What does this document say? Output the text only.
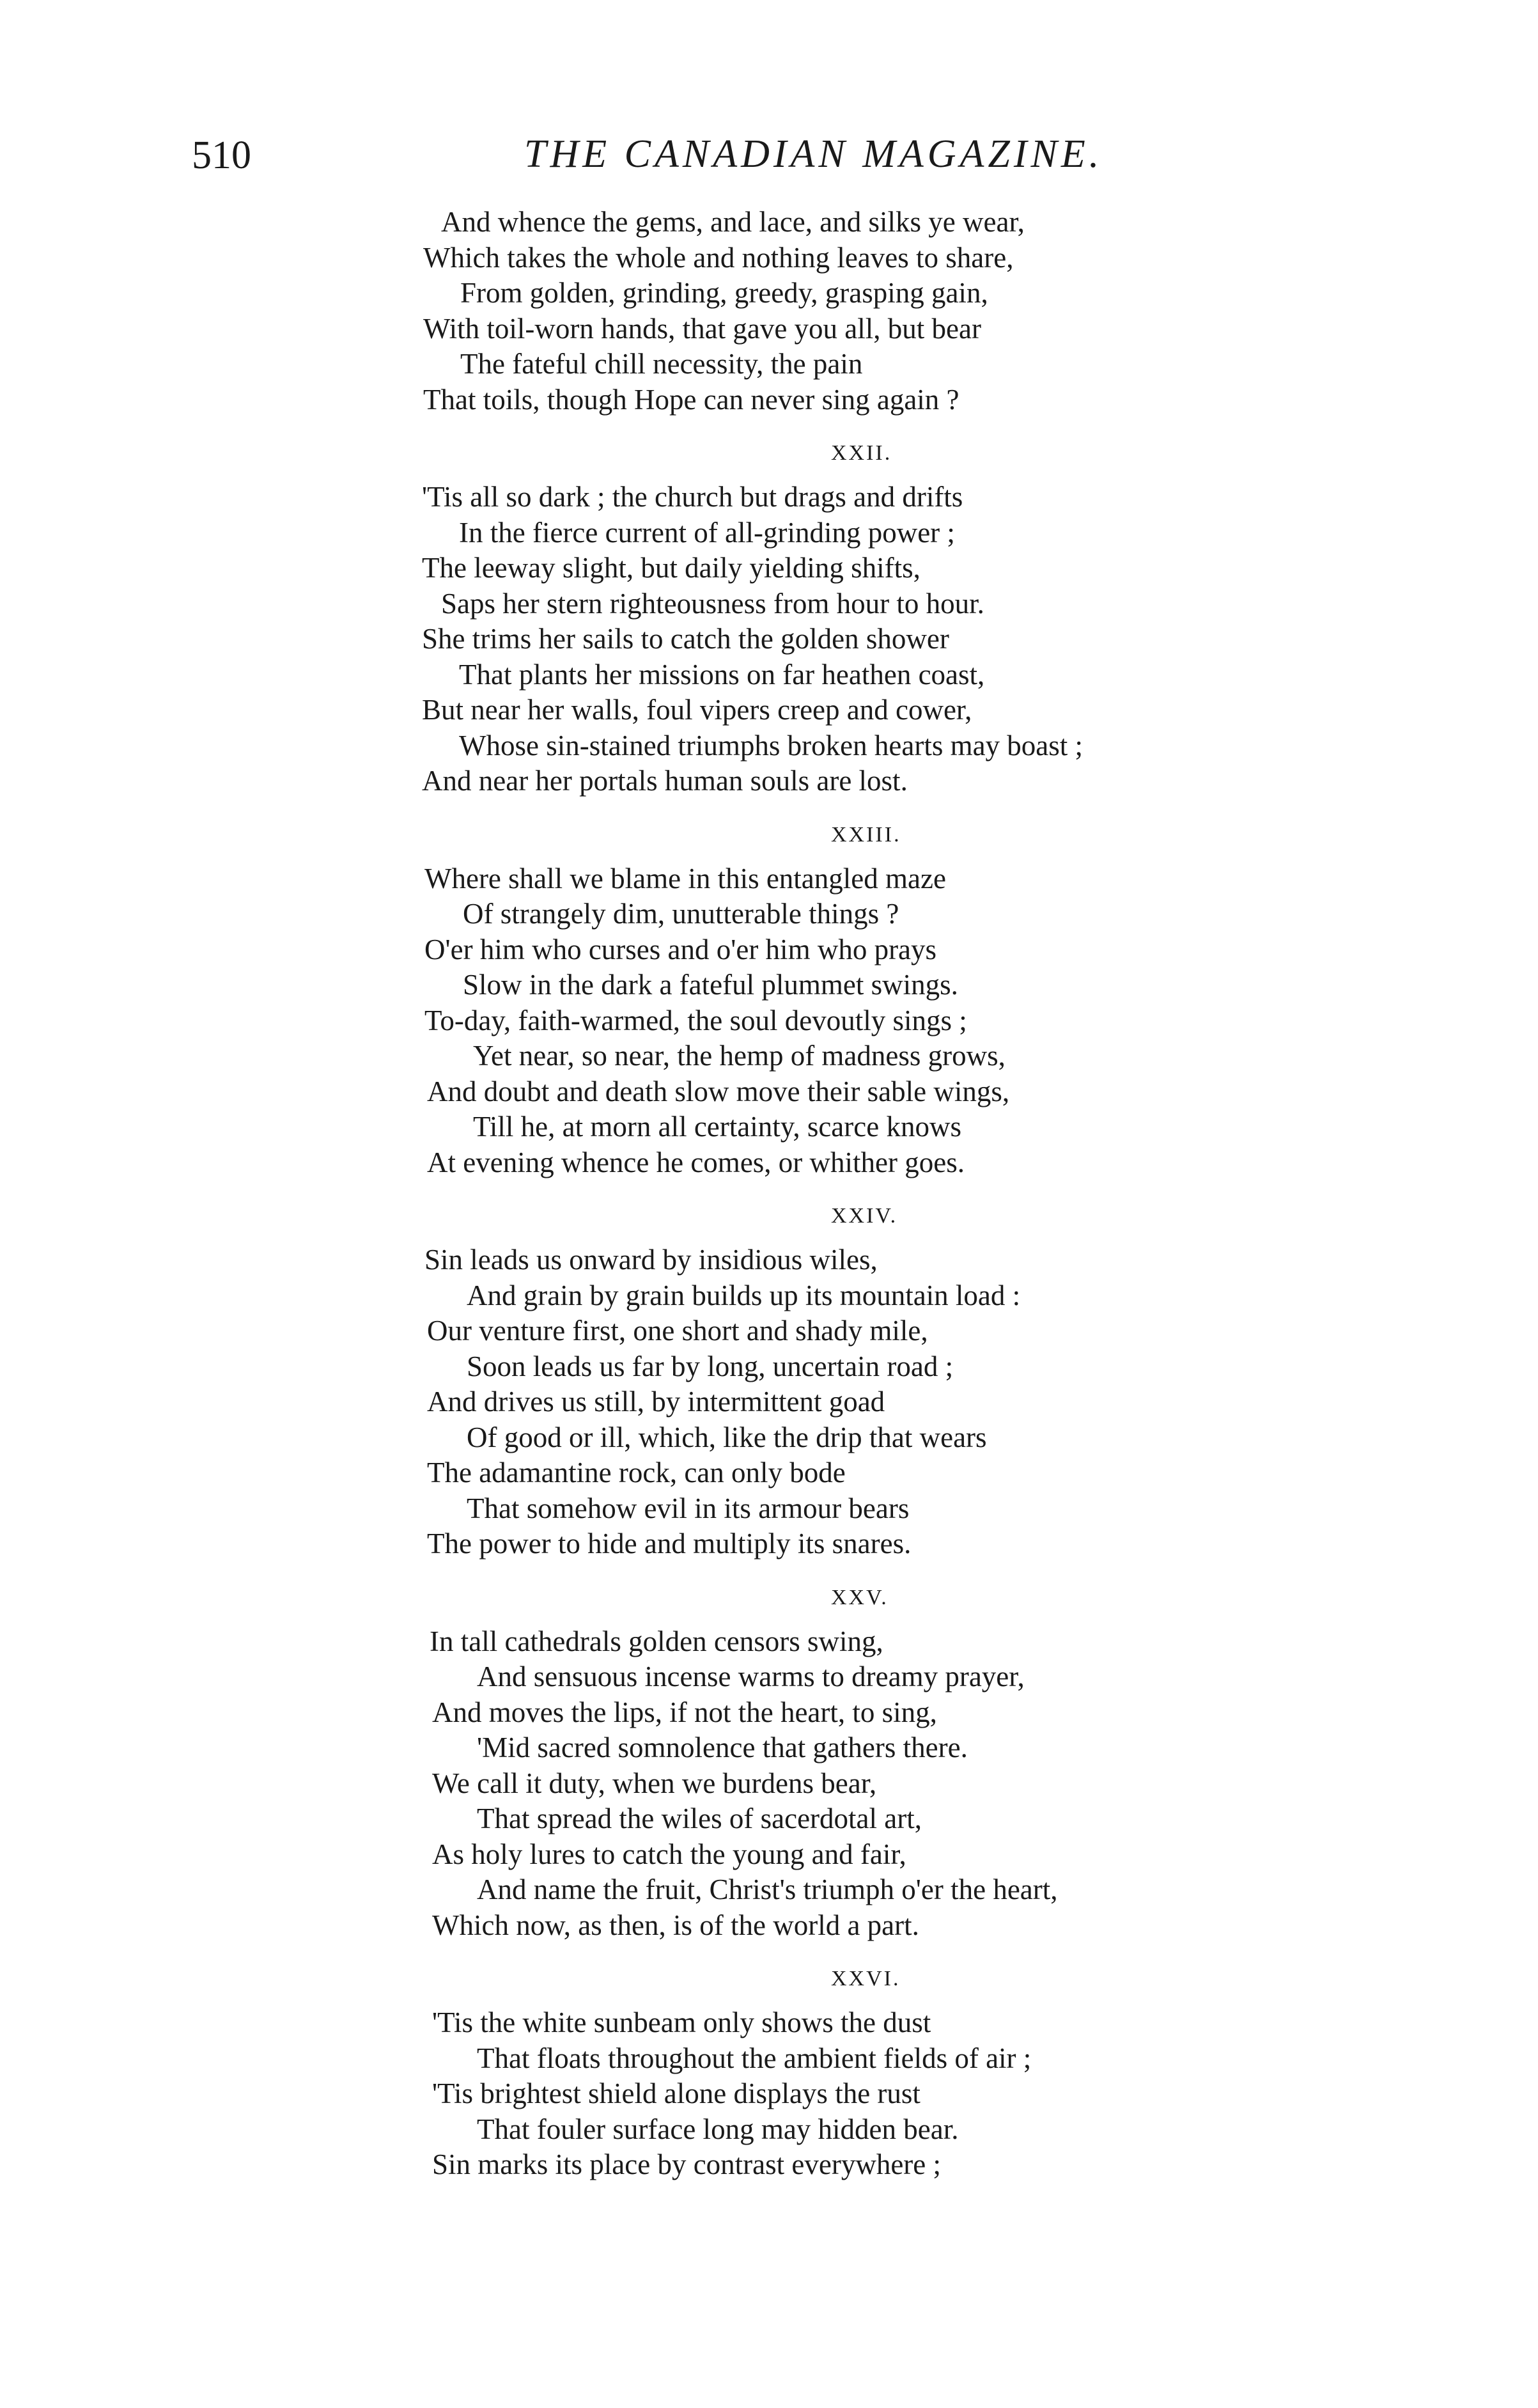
510	THE CANADIAN MAGAZINE.
And whence the gems, and lace, and silks ye wear,
Which takes the whole and nothing leaves to share,
From golden, grinding, greedy, grasping gain,
With toil-worn hands, that gave you all, but bear
The fateful chill necessity, the pain
That toils, though Hope can never sing again ?
XXII.
'Tis all so dark ; the church but drags and drifts
In the fierce current of all-grinding power ;
The leeway slight, but daily yielding shifts,
Saps her stern righteousness from hour to hour.
She trims her sails to catch the golden shower
That plants her missions on far heathen coast,
But near her walls, foul vipers creep and cower,
Whose sin-stained triumphs broken hearts may boast ;
And near her portals human souls are lost.
XXIII.
Where shall we blame in this entangled maze
Of strangely dim, unutterable things ?
O'er him who curses and o'er him who prays
Slow in the dark a fateful plummet swings.
To-day, faith-warmed, the soul devoutly sings ;
Yet near, so near, the hemp of madness grows,
And doubt and death slow move their sable wings,
Till he, at morn all certainty, scarce knows
At evening whence he comes, or whither goes.
XXIV.
Sin leads us onward by insidious wiles,
And grain by grain builds up its mountain load :
Our venture first, one short and shady mile,
Soon leads us far by long, uncertain road ;
And drives us still, by intermittent goad
Of good or ill, which, like the drip that wears
The adamantine rock, can only bode
That somehow evil in its armour bears
The power to hide and multiply its snares.
XXV.
In tall cathedrals golden censors swing,
And sensuous incense warms to dreamy prayer,
And moves the lips, if not the heart, to sing,
'Mid sacred somnolence that gathers there.
We call it duty, when we burdens bear,
That spread the wiles of sacerdotal art,
As holy lures to catch the young and fair,
And name the fruit, Christ's triumph o'er the heart,
Which now, as then, is of the world a part.
XXVI.
'Tis the white sunbeam only shows the dust
That floats throughout the ambient fields of air ;
'Tis brightest shield alone displays the rust
That fouler surface long may hidden bear.
Sin marks its place by contrast everywhere ;
